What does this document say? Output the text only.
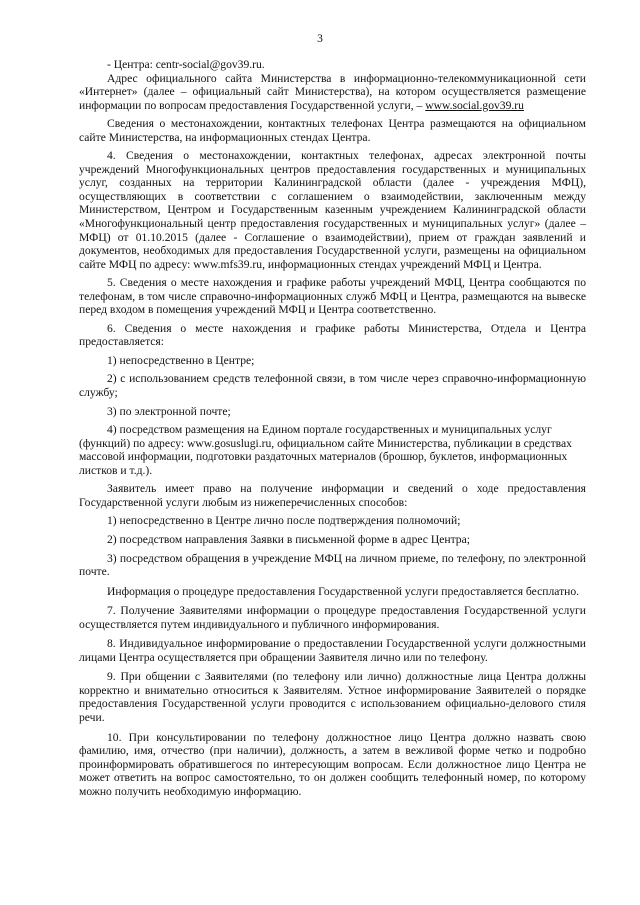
3

- Центра: centr-social@gov39.ru.

Адрес официального сайта Министерства в информационно-телекоммуникационной сети «Интернет» (далее – официальный сайт Министерства), на котором осуществляется размещение информации по вопросам предоставления Государственной услуги, – www.social.gov39.ru

Сведения о местонахождении, контактных телефонах Центра размещаются на официальном сайте Министерства, на информационных стендах Центра.

4. Сведения о местонахождении, контактных телефонах, адресах электронной почты учреждений Многофункциональных центров предоставления государственных и муниципальных услуг, созданных на территории Калининградской области (далее - учреждения МФЦ), осуществляющих в соответствии с соглашением о взаимодействии, заключенным между Министерством, Центром и Государственным казенным учреждением Калининградской области «Многофункциональный центр предоставления государственных и муниципальных услуг» (далее – МФЦ) от 01.10.2015 (далее - Соглашение о взаимодействии), прием от граждан заявлений и документов, необходимых для предоставления Государственной услуги, размещены на официальном сайте МФЦ по адресу: www.mfs39.ru, информационных стендах учреждений МФЦ и Центра.

5. Сведения о месте нахождения и графике работы учреждений МФЦ, Центра сообщаются по телефонам, в том числе справочно-информационных служб МФЦ и Центра, размещаются на вывеске перед входом в помещения учреждений МФЦ и Центра соответственно.

6. Сведения о месте нахождения и графике работы Министерства, Отдела и Центра предоставляется:

1) непосредственно в Центре;

2) с использованием средств телефонной связи, в том числе через справочно-информационную службу;

3) по электронной почте;

4) посредством размещения на Едином портале государственных и муниципальных услуг (функций) по адресу: www.gosuslugi.ru, официальном сайте Министерства, публикации в средствах массовой информации, подготовки раздаточных материалов (брошюр, буклетов, информационных листков и т.д.).

Заявитель имеет право на получение информации и сведений о ходе предоставления Государственной услуги любым из нижеперечисленных способов:

1) непосредственно в Центре лично после подтверждения полномочий;

2) посредством направления Заявки в письменной форме в адрес Центра;

3) посредством обращения в учреждение МФЦ на личном приеме, по телефону, по электронной почте.

Информация о процедуре предоставления Государственной услуги предоставляется бесплатно.

7. Получение Заявителями информации о процедуре предоставления Государственной услуги осуществляется путем индивидуального и публичного информирования.

8. Индивидуальное информирование о предоставлении Государственной услуги должностными лицами Центра осуществляется при обращении Заявителя лично или по телефону.

9. При общении с Заявителями (по телефону или лично) должностные лица Центра должны корректно и внимательно относиться к Заявителям. Устное информирование Заявителей о порядке предоставления Государственной услуги проводится с использованием официально-делового стиля речи.

10. При консультировании по телефону должностное лицо Центра должно назвать свою фамилию, имя, отчество (при наличии), должность, а затем в вежливой форме четко и подробно проинформировать обратившегося по интересующим вопросам. Если должностное лицо Центра не может ответить на вопрос самостоятельно, то он должен сообщить телефонный номер, по которому можно получить необходимую информацию.
